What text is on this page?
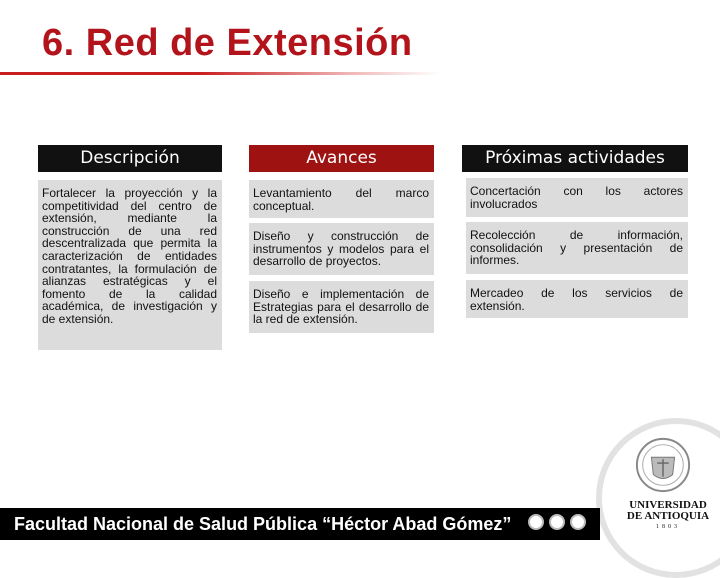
6. Red de Extensión
Descripción	Avances	Próximas actividades
Fortalecer la proyección y la competitividad del centro de extensión, mediante la construcción de una red descentralizada que permita la caracterización de entidades contratantes, la formulación de alianzas estratégicas y el fomento de la calidad académica, de investigación y de extensión.
Levantamiento del marco conceptual.
Diseño y construcción de instrumentos y modelos para el desarrollo de proyectos.
Diseño e implementación de Estrategias para el desarrollo de la red de extensión.
Concertación con los actores involucrados
Recolección de información, consolidación y presentación de informes.
Mercadeo de los servicios de extensión.
Facultad Nacional de Salud Pública “Héctor Abad Gómez”
UNIVERSIDAD
DE ANTIOQUIA
1803
